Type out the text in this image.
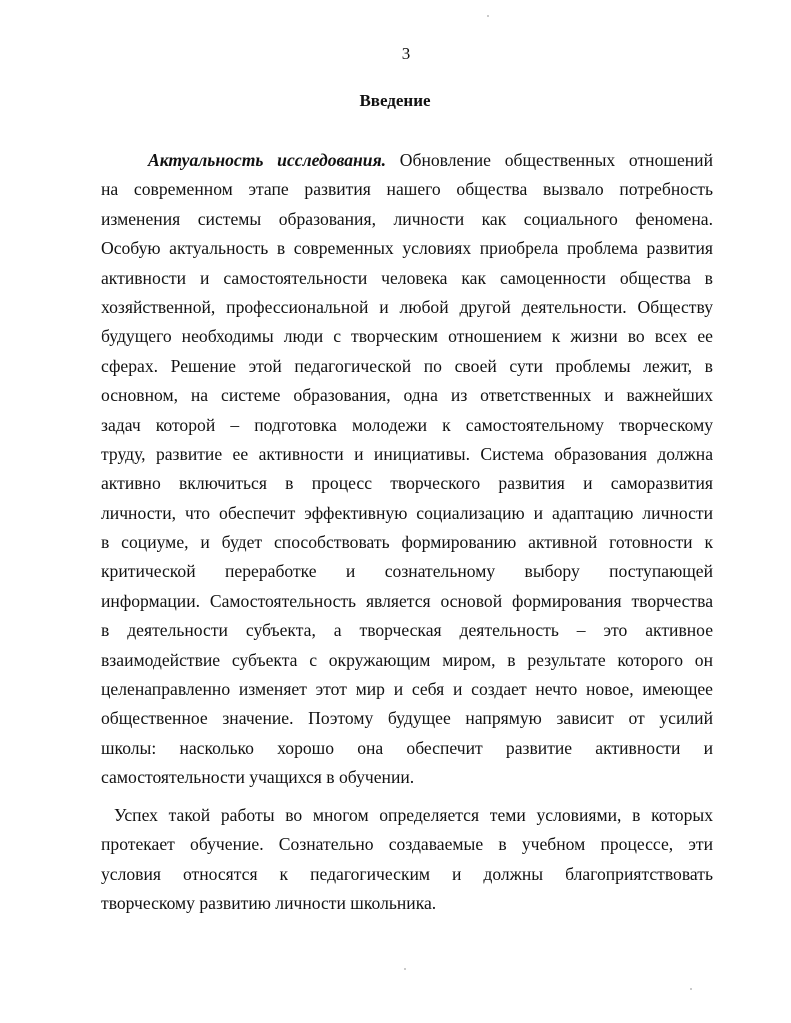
3
Введение
Актуальность исследования. Обновление общественных отношений
на современном этапе развития нашего общества вызвало потребность
изменения системы образования, личности как социального феномена.
Особую актуальность в современных условиях приобрела проблема развития
активности и самостоятельности человека как самоценности общества в
хозяйственной, профессиональной и любой другой деятельности. Обществу
будущего необходимы люди с творческим отношением к жизни во всех ее
сферах. Решение этой педагогической по своей сути проблемы лежит, в
основном, на системе образования, одна из ответственных и важнейших
задач которой – подготовка молодежи к самостоятельному творческому
труду, развитие ее активности и инициативы. Система образования должна
активно включиться в процесс творческого развития и саморазвития
личности, что обеспечит эффективную социализацию и адаптацию личности
в социуме, и будет способствовать формированию активной готовности к
критической переработке и сознательному выбору поступающей
информации. Самостоятельность является основой формирования творчества
в деятельности субъекта, а творческая деятельность – это активное
взаимодействие субъекта с окружающим миром, в результате которого он
целенаправленно изменяет этот мир и себя и создает нечто новое, имеющее
общественное значение. Поэтому будущее напрямую зависит от усилий
школы: насколько хорошо она обеспечит развитие активности и
самостоятельности учащихся в обучении.
Успех такой работы во многом определяется теми условиями, в которых
протекает обучение. Сознательно создаваемые в учебном процессе, эти
условия относятся к педагогическим и должны благоприятствовать
творческому развитию личности школьника.
